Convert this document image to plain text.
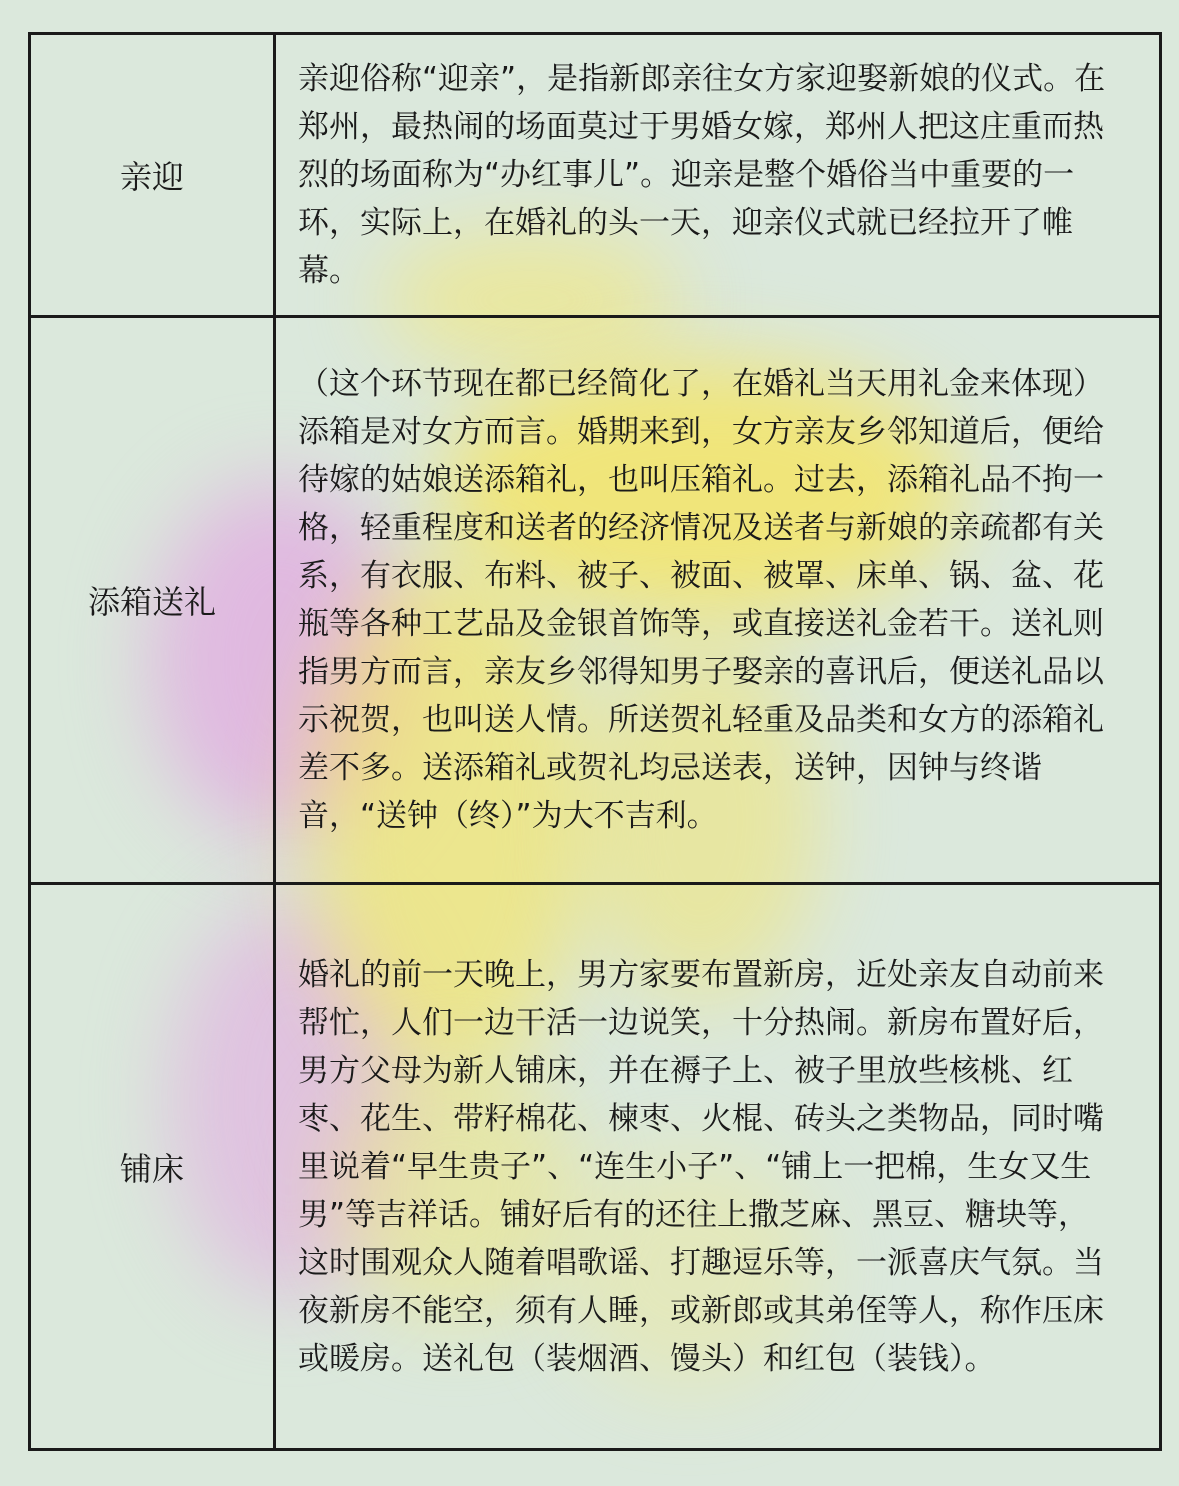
亲迎	亲迎俗称“迎亲”，是指新郎亲往女方家迎娶新娘的仪式。在郑州，最热闹的场面莫过于男婚女嫁，郑州人把这庄重而热烈的场面称为“办红事儿”。迎亲是整个婚俗当中重要的一环，实际上，在婚礼的头一天，迎亲仪式就已经拉开了帷幕。
添箱送礼	（这个环节现在都已经简化了，在婚礼当天用礼金来体现）添箱是对女方而言。婚期来到，女方亲友乡邻知道后，便给待嫁的姑娘送添箱礼，也叫压箱礼。过去，添箱礼品不拘一格，轻重程度和送者的经济情况及送者与新娘的亲疏都有关系，有衣服、布料、被子、被面、被罩、床单、锅、盆、花瓶等各种工艺品及金银首饰等，或直接送礼金若干。送礼则指男方而言，亲友乡邻得知男子娶亲的喜讯后，便送礼品以示祝贺，也叫送人情。所送贺礼轻重及品类和女方的添箱礼差不多。送添箱礼或贺礼均忌送表，送钟，因钟与终谐音，“送钟（终）”为大不吉利。
铺床	婚礼的前一天晚上，男方家要布置新房，近处亲友自动前来帮忙，人们一边干活一边说笑，十分热闹。新房布置好后，男方父母为新人铺床，并在褥子上、被子里放些核桃、红枣、花生、带籽棉花、楝枣、火棍、砖头之类物品，同时嘴里说着“早生贵子”、“连生小子”、“铺上一把棉，生女又生男”等吉祥话。铺好后有的还往上撒芝麻、黑豆、糖块等，这时围观众人随着唱歌谣、打趣逗乐等，一派喜庆气氛。当夜新房不能空，须有人睡，或新郎或其弟侄等人，称作压床或暖房。送礼包（装烟酒、馒头）和红包（装钱）。
